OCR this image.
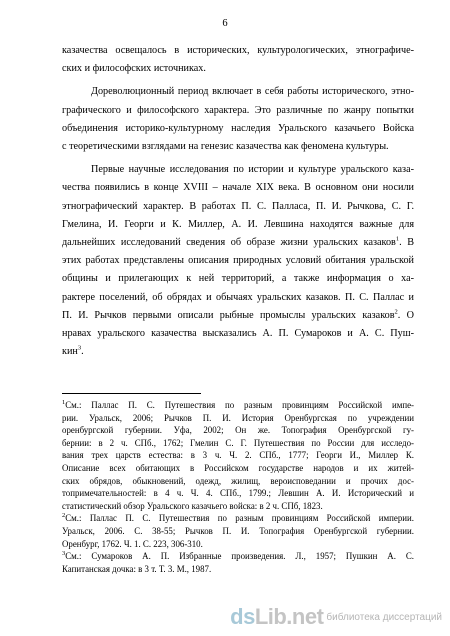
6
казачества освещалось в исторических, культурологических, этнографиче-
ских и философских источниках.
Дореволюционный период включает в себя работы исторического, этно-
графического и философского характера. Это различные по жанру попытки
объединения историко-культурному наследия Уральского казачьего Войска
с теоретическими взглядами на генезис казачества как феномена культуры.
Первые научные исследования по истории и культуре уральского каза-
чества появились в конце XVIII – начале XIX века. В основном они носили
этнографический характер. В работах П. С. Палласа, П. И. Рычкова, С. Г.
Гмелина, И. Георги и К. Миллер, А. И. Левшина находятся важные для
дальнейших исследований сведения об образе жизни уральских казаков$^1$. В
этих работах представлены описания природных условий обитания уральской
общины и прилегающих к ней территорий, а также информация о ха-
рактере поселений, об обрядах и обычаях уральских казаков. П. С. Паллас и
П. И. Рычков первыми описали рыбные промыслы уральских казаков$^2$. О
нравах уральского казачества высказались А. П. Сумароков и А. С. Пуш-
кин$^3$.
$^1$См.: Паллас П. С. Путешествия по разным провинциям Российской импе-
рии. Уральск, 2006; Рычков П. И. История Оренбургская по учреждении
оренбургской губернии. Уфа, 2002; Он же. Топография Оренбургской гу-
бернии: в 2 ч. СПб., 1762; Гмелин С. Г. Путешествия по России для исследо-
вания трех царств естества: в 3 ч. Ч. 2. СПб., 1777; Георги И., Миллер К.
Описание всех обитающих в Российском государстве народов и их житей-
ских обрядов, обыкновений, одежд, жилищ, вероисповедании и прочих дос-
топримечательностей: в 4 ч. Ч. 4. СПб., 1799.; Левшин А. И. Исторический и
статистический обзор Уральского казачьего войска: в 2 ч. СПб, 1823.
$^2$См.: Паллас П. С. Путешествия по разным провинциям Российской империи.
Уральск, 2006. С. 38-55; Рычков П. И. Топография Оренбургской губернии.
Оренбург, 1762. Ч. 1. С. 223, 306-310.
$^3$См.: Сумароков А. П. Избранные произведения. Л., 1957; Пушкин А. С.
Капитанская дочка: в 3 т. Т. 3. М., 1987.
dsLib.net библиотека диссертаций
